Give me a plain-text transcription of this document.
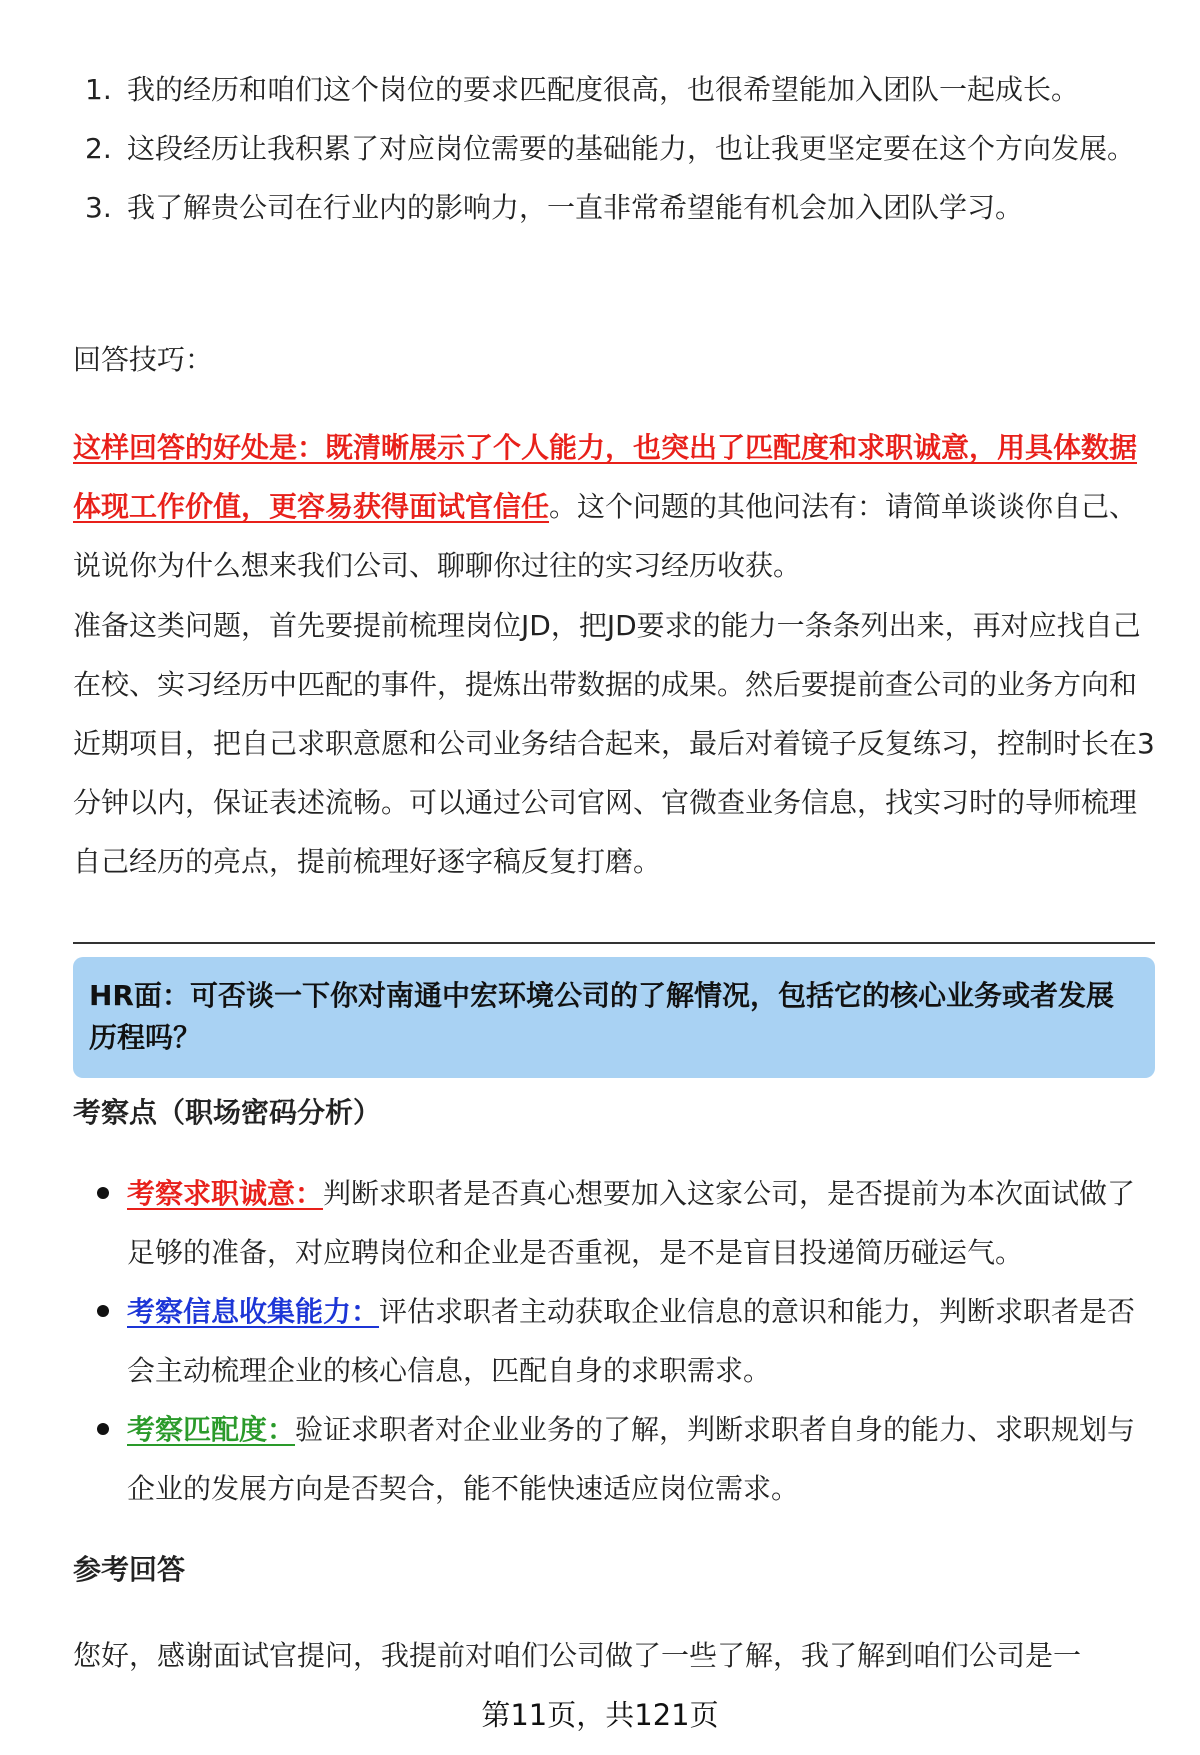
1. 我的经历和咱们这个岗位的要求匹配度很高，也很希望能加入团队一起成长。
2. 这段经历让我积累了对应岗位需要的基础能力，也让我更坚定要在这个方向发展。
3. 我了解贵公司在行业内的影响力，一直非常希望能有机会加入团队学习。
回答技巧：

这样回答的好处是：既清晰展示了个人能力，也突出了匹配度和求职诚意，用具体数据体现工作价值，更容易获得面试官信任。这个问题的其他问法有：请简单谈谈你自己、说说你为什么想来我们公司、聊聊你过往的实习经历收获。

准备这类问题，首先要提前梳理岗位JD，把JD要求的能力一条条列出来，再对应找自己在校、实习经历中匹配的事件，提炼出带数据的成果。然后要提前查公司的业务方向和近期项目，把自己求职意愿和公司业务结合起来，最后对着镜子反复练习，控制时长在3分钟以内，保证表述流畅。可以通过公司官网、官微查业务信息，找实习时的导师梳理自己经历的亮点，提前梳理好逐字稿反复打磨。

HR面：可否谈一下你对南通中宏环境公司的了解情况，包括它的核心业务或者发展历程吗？
考察点（职场密码分析）
考察求职诚意：判断求职者是否真心想要加入这家公司，是否提前为本次面试做了足够的准备，对应聘岗位和企业是否重视，是不是盲目投递简历碰运气。
考察信息收集能力：评估求职者主动获取企业信息的意识和能力，判断求职者是否会主动梳理企业的核心信息，匹配自身的求职需求。
考察匹配度：验证求职者对企业业务的了解，判断求职者自身的能力、求职规划与企业的发展方向是否契合，能不能快速适应岗位需求。
参考回答

您好，感谢面试官提问，我提前对咱们公司做了一些了解，我了解到咱们公司是一

第11页，共121页
